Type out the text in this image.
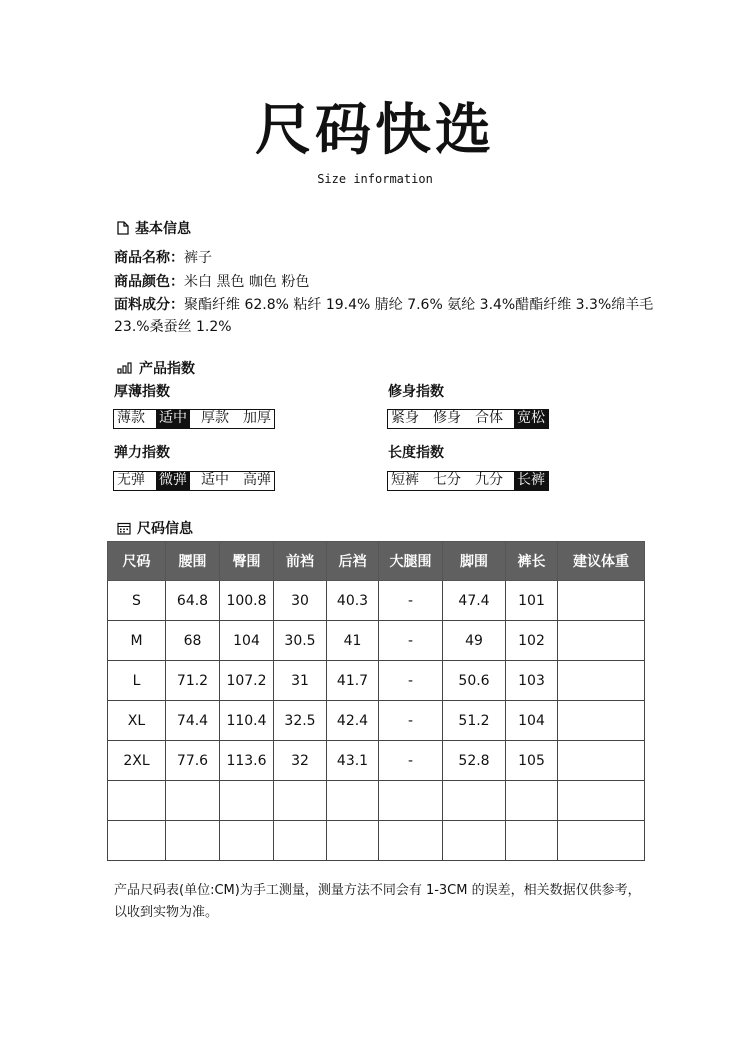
尺码快选
Size information
基本信息
商品名称：裤子
商品颜色：米白 黑色 咖色 粉色
面料成分：聚酯纤维 62.8% 粘纤 19.4% 腈纶 7.6% 氨纶 3.4%醋酯纤维 3.3%绵羊毛 23.%桑蚕丝 1.2%
产品指数
厚薄指数
薄款 适中 厚款 加厚
修身指数
紧身 修身 合体 宽松
弹力指数
无弹 微弹 适中 高弹
长度指数
短裤 七分 九分 长裤
尺码信息
尺码	腰围	臀围	前裆	后裆	大腿围	脚围	裤长	建议体重
S	64.8	100.8	30	40.3	-	47.4	101	
M	68	104	30.5	41	-	49	102	
L	71.2	107.2	31	41.7	-	50.6	103	
XL	74.4	110.4	32.5	42.4	-	51.2	104	
2XL	77.6	113.6	32	43.1	-	52.8	105	

产品尺码表(单位:CM)为手工测量，测量方法不同会有 1-3CM 的误差，相关数据仅供参考，以收到实物为准。
